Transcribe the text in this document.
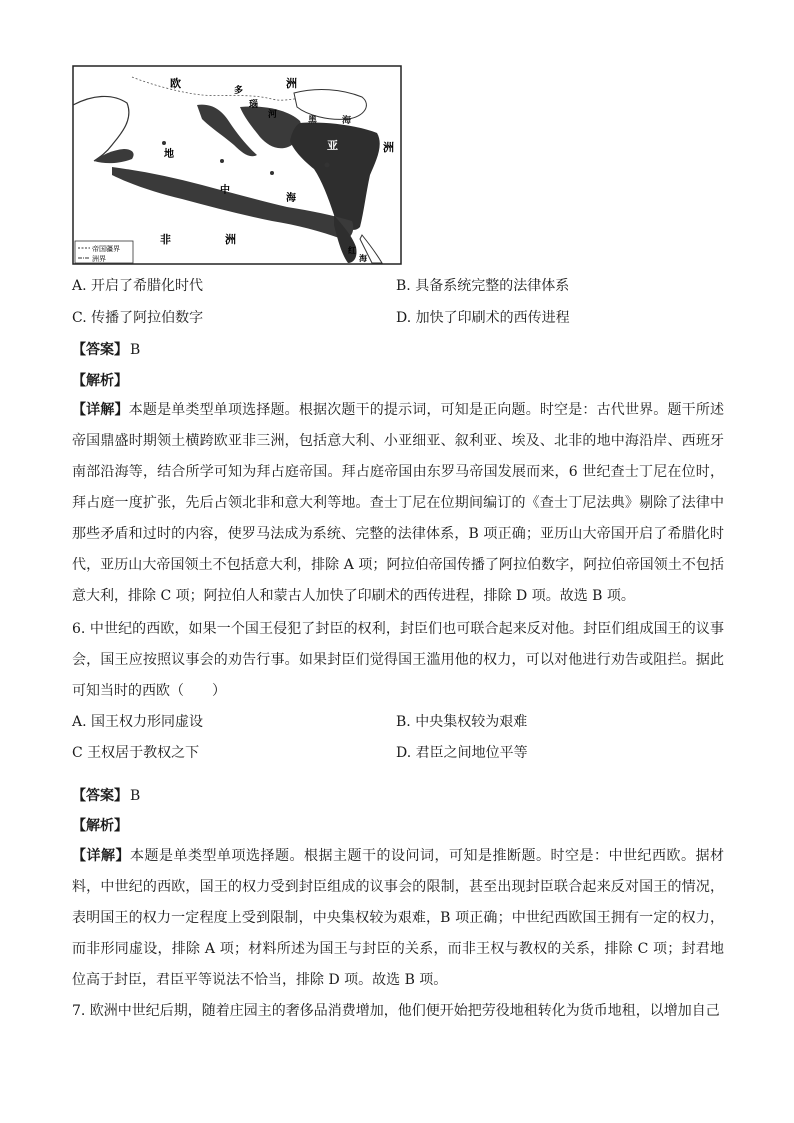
欧	洲
多
瑙
河
黑	海
亚	洲
地
中
海
非	洲
红
海
帝国疆界
洲界
A. 开启了希腊化时代	B. 具备系统完整的法律体系
C. 传播了阿拉伯数字	D. 加快了印刷术的西传进程
【答案】 B
【解析】
【详解】本题是单类型单项选择题。根据次题干的提示词，可知是正向题。时空是：古代世界。题干所述帝国鼎盛时期领土横跨欧亚非三洲，包括意大利、小亚细亚、叙利亚、埃及、北非的地中海沿岸、西班牙南部沿海等，结合所学可知为拜占庭帝国。拜占庭帝国由东罗马帝国发展而来，6 世纪查士丁尼在位时，拜占庭一度扩张，先后占领北非和意大利等地。查士丁尼在位期间编订的《查士丁尼法典》剔除了法律中那些矛盾和过时的内容，使罗马法成为系统、完整的法律体系，B 项正确；亚历山大帝国开启了希腊化时代，亚历山大帝国领土不包括意大利，排除 A 项；阿拉伯帝国传播了阿拉伯数字，阿拉伯帝国领土不包括意大利，排除 C 项；阿拉伯人和蒙古人加快了印刷术的西传进程，排除 D 项。故选 B 项。
6. 中世纪的西欧，如果一个国王侵犯了封臣的权利，封臣们也可联合起来反对他。封臣们组成国王的议事会，国王应按照议事会的劝告行事。如果封臣们觉得国王滥用他的权力，可以对他进行劝告或阻拦。据此可知当时的西欧（　　）
A. 国王权力形同虚设	B. 中央集权较为艰难
C 王权居于教权之下	D. 君臣之间地位平等
【答案】 B
【解析】
【详解】本题是单类型单项选择题。根据主题干的设问词，可知是推断题。时空是：中世纪西欧。据材料，中世纪的西欧，国王的权力受到封臣组成的议事会的限制，甚至出现封臣联合起来反对国王的情况，表明国王的权力一定程度上受到限制，中央集权较为艰难，B 项正确；中世纪西欧国王拥有一定的权力，而非形同虚设，排除 A 项；材料所述为国王与封臣的关系，而非王权与教权的关系，排除 C 项；封君地位高于封臣，君臣平等说法不恰当，排除 D 项。故选 B 项。
7. 欧洲中世纪后期，随着庄园主的奢侈品消费增加，他们便开始把劳役地租转化为货币地租，以增加自己
